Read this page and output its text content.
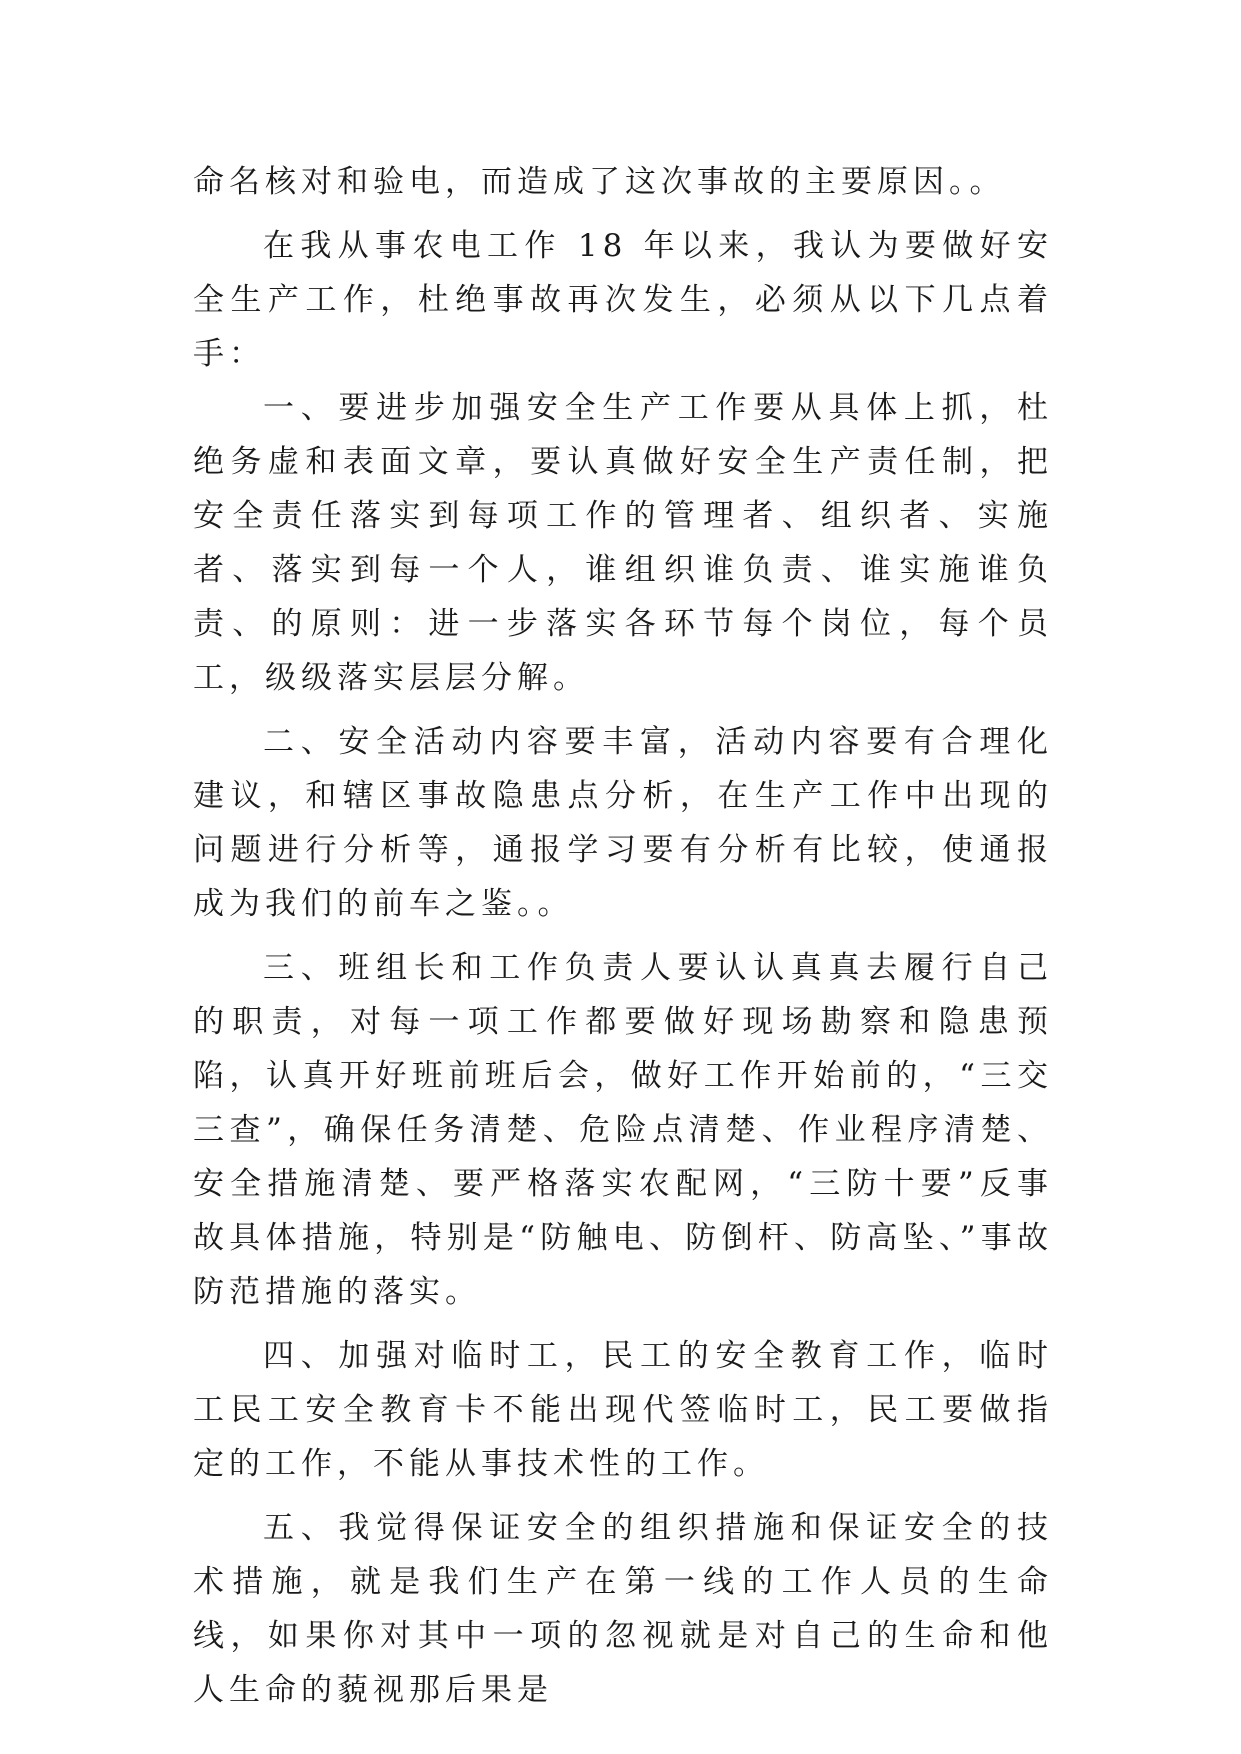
命名核对和验电，而造成了这次事故的主要原因。。

在我从事农电工作 18 年以来，我认为要做好安全生产工作，杜绝事故再次发生，必须从以下几点着手：

一、要进步加强安全生产工作要从具体上抓，杜绝务虚和表面文章，要认真做好安全生产责任制，把安全责任落实到每项工作的管理者、组织者、实施者、落实到每一个人，谁组织谁负责、谁实施谁负责、的原则：进一步落实各环节每个岗位，每个员工，级级落实层层分解。

二、安全活动内容要丰富，活动内容要有合理化建议，和辖区事故隐患点分析，在生产工作中出现的问题进行分析等，通报学习要有分析有比较，使通报成为我们的前车之鉴。。

三、班组长和工作负责人要认认真真去履行自己的职责，对每一项工作都要做好现场勘察和隐患预陷，认真开好班前班后会，做好工作开始前的，“三交三查”，确保任务清楚、危险点清楚、作业程序清楚、安全措施清楚、要严格落实农配网，“三防十要”反事故具体措施，特别是“防触电、防倒杆、防高坠、”事故防范措施的落实。

四、加强对临时工，民工的安全教育工作，临时工民工安全教育卡不能出现代签临时工，民工要做指定的工作，不能从事技术性的工作。

五、我觉得保证安全的组织措施和保证安全的技术措施，就是我们生产在第一线的工作人员的生命线，如果你对其中一项的忽视就是对自己的生命和他人生命的藐视那后果是
